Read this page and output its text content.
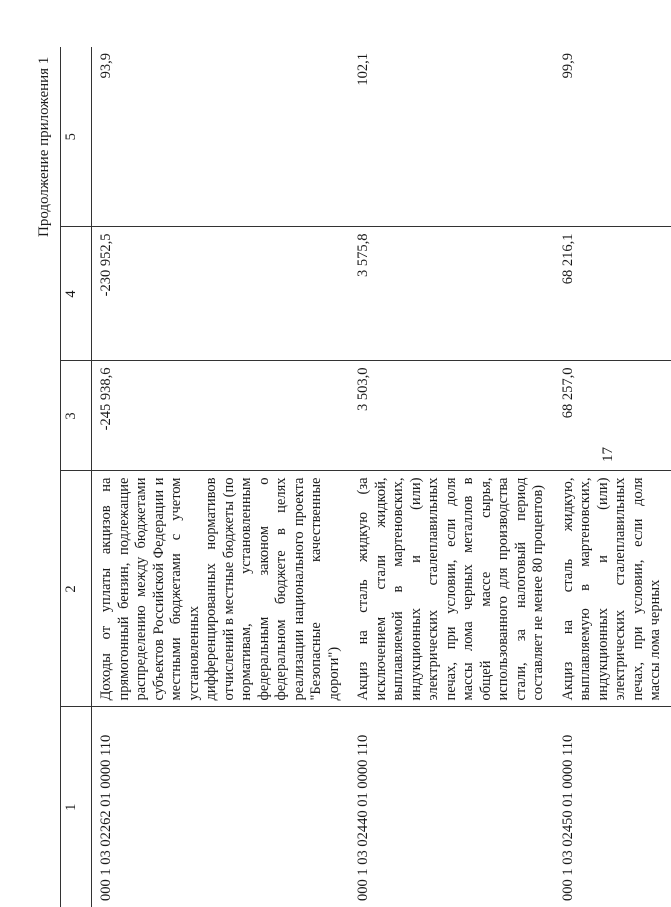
17
Продолжение приложения 1
1	2	3	4	5
000 1 03 02262 01 0000 110	Доходы от уплаты акцизов на прямогонный бензин, подлежащие распределению между бюджетами субъектов Российской Федерации и местными бюджетами с учетом установленных дифференцированных нормативов отчислений в местные бюджеты (по нормативам, установленным федеральным законом о федеральном бюджете в целях реализации национального проекта "Безопасные качественные дороги")	-245 938,6	-230 952,5	93,9
000 1 03 02440 01 0000 110	Акциз на сталь жидкую (за исключением стали жидкой, выплавляемой в мартеновских, индукционных и (или) электрических сталеплавильных печах, при условии, если доля массы лома черных металлов в общей массе сырья, использованного для производства стали, за налоговый период составляет не менее 80 процентов)	3 503,0	3 575,8	102,1
000 1 03 02450 01 0000 110	Акциз на сталь жидкую, выплавляемую в мартеновских, индукционных и (или) электрических сталеплавильных печах, при условии, если доля массы лома черных	68 257,0	68 216,1	99,9
